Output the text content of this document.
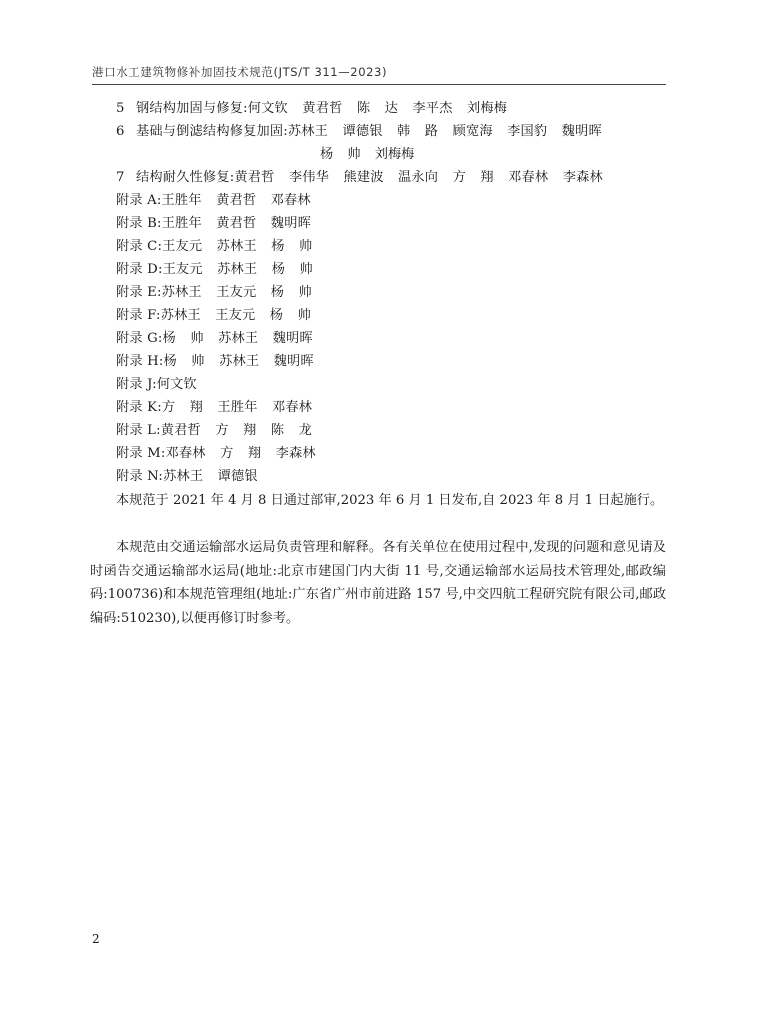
港口水工建筑物修补加固技术规范(JTS/T 311—2023)
5 钢结构加固与修复:何文钦 黄君哲 陈 达 李平杰 刘梅梅
6 基础与倒滤结构修复加固:苏林王 谭德银 韩 路 顾宽海 李国豹 魏明晖
杨 帅 刘梅梅
7 结构耐久性修复:黄君哲 李伟华 熊建波 温永向 方 翔 邓春林 李森林
附录 A:王胜年 黄君哲 邓春林
附录 B:王胜年 黄君哲 魏明晖
附录 C:王友元 苏林王 杨 帅
附录 D:王友元 苏林王 杨 帅
附录 E:苏林王 王友元 杨 帅
附录 F:苏林王 王友元 杨 帅
附录 G:杨 帅 苏林王 魏明晖
附录 H:杨 帅 苏林王 魏明晖
附录 J:何文钦
附录 K:方 翔 王胜年 邓春林
附录 L:黄君哲 方 翔 陈 龙
附录 M:邓春林 方 翔 李森林
附录 N:苏林王 谭德银
本规范于 2021 年 4 月 8 日通过部审,2023 年 6 月 1 日发布,自 2023 年 8 月 1 日起施行。
本规范由交通运输部水运局负责管理和解释。各有关单位在使用过程中,发现的问题和意见请及时函告交通运输部水运局(地址:北京市建国门内大街 11 号,交通运输部水运局技术管理处,邮政编码:100736)和本规范管理组(地址:广东省广州市前进路 157 号,中交四航工程研究院有限公司,邮政编码:510230),以便再修订时参考。
2
